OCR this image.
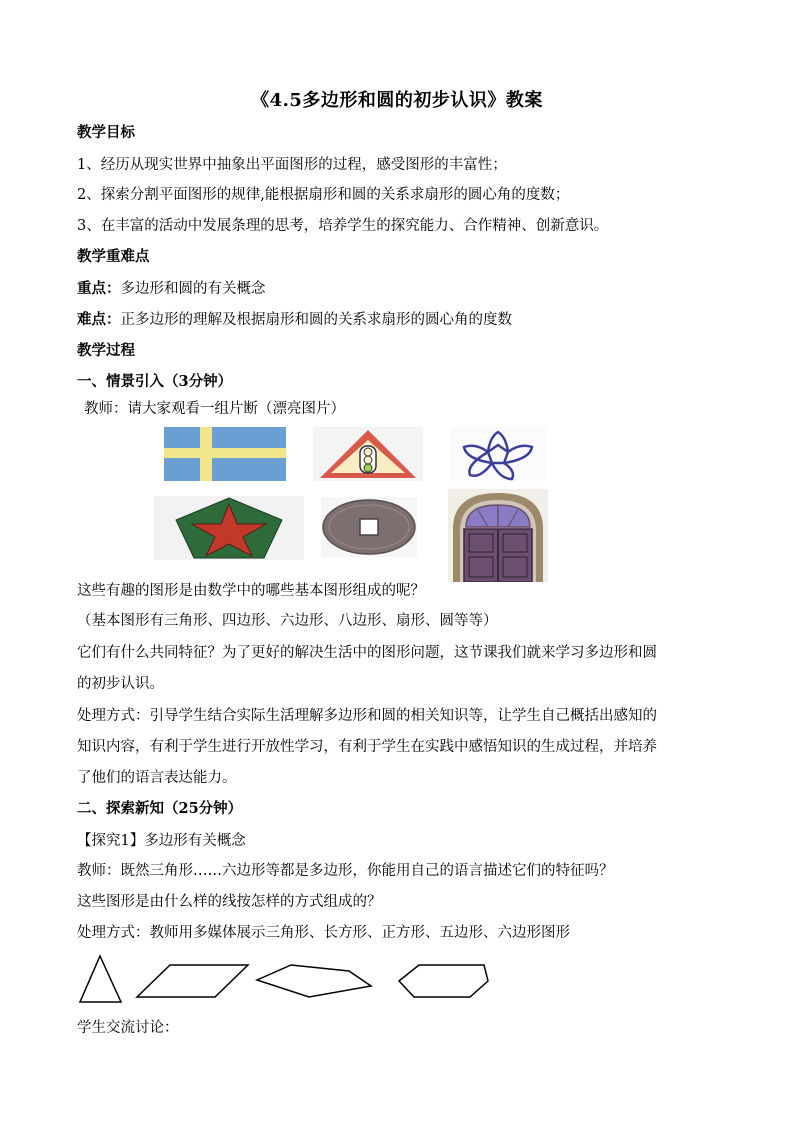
《4.5多边形和圆的初步认识》教案
教学目标
1、经历从现实世界中抽象出平面图形的过程，感受图形的丰富性；
2、探索分割平面图形的规律,能根据扇形和圆的关系求扇形的圆心角的度数；
3、在丰富的活动中发展条理的思考，培养学生的探究能力、合作精神、创新意识。
教学重难点
重点：多边形和圆的有关概念
难点：正多边形的理解及根据扇形和圆的关系求扇形的圆心角的度数
教学过程
一、情景引入（3分钟）
教师：请大家观看一组片断（漂亮图片）
这些有趣的图形是由数学中的哪些基本图形组成的呢？
（基本图形有三角形、四边形、六边形、八边形、扇形、圆等等）
它们有什么共同特征？为了更好的解决生活中的图形问题，这节课我们就来学习多边形和圆
的初步认识。
处理方式：引导学生结合实际生活理解多边形和圆的相关知识等，让学生自己概括出感知的
知识内容，有利于学生进行开放性学习，有利于学生在实践中感悟知识的生成过程，并培养
了他们的语言表达能力。
二、探索新知（25分钟）
【探究1】多边形有关概念
教师：既然三角形……六边形等都是多边形，你能用自己的语言描述它们的特征吗？
这些图形是由什么样的线按怎样的方式组成的？
处理方式：教师用多媒体展示三角形、长方形、正方形、五边形、六边形图形
学生交流讨论：
